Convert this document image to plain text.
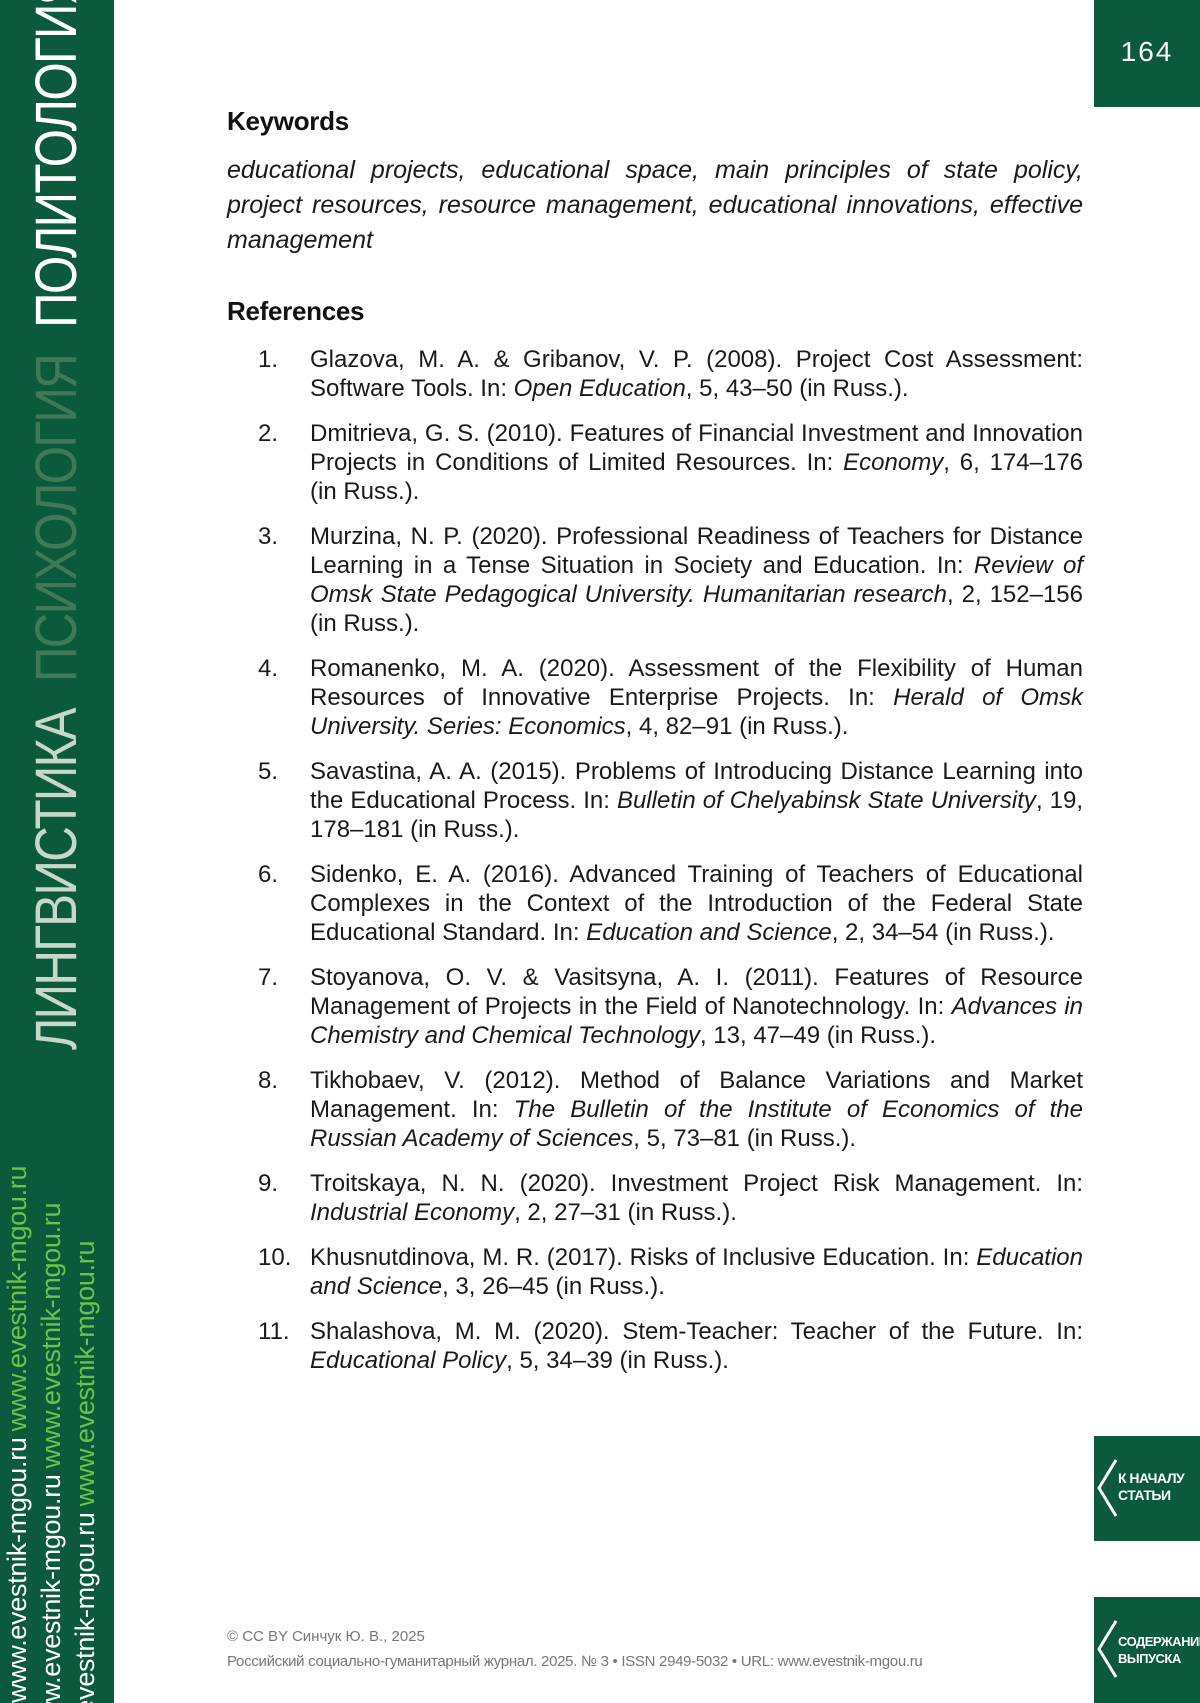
ЛИНГВИСТИКАПСИХОЛОГИЯПОЛИТОЛОГИЯ
www.evestnik-mgou.ruwww.evestnik-mgou.ru
www.evestnik-mgou.ruwww.evestnik-mgou.ru
www.evestnik-mgou.ruwww.evestnik-mgou.ru
164
Keywords

educational projects, educational space, main principles of state policy, project resources, resource management, educational innovations, effective management

References
1. Glazova, M. A. & Gribanov, V. P. (2008). Project Cost Assessment: Software Tools. In: Open Education, 5, 43–50 (in Russ.).
2. Dmitrieva, G. S. (2010). Features of Financial Investment and Innovation Projects in Conditions of Limited Resources. In: Economy, 6, 174–176 (in Russ.).
3. Murzina, N. P. (2020). Professional Readiness of Teachers for Distance Learning in a Tense Situation in Society and Education. In: Review of Omsk State Pedagogical University. Humanitarian research, 2, 152–156 (in Russ.).
4. Romanenko, M. A. (2020). Assessment of the Flexibility of Human Resources of Innovative Enterprise Projects. In: Herald of Omsk University. Series: Economics, 4, 82–91 (in Russ.).
5. Savastina, A. A. (2015). Problems of Introducing Distance Learning into the Educational Process. In: Bulletin of Chelyabinsk State University, 19, 178–181 (in Russ.).
6. Sidenko, E. A. (2016). Advanced Training of Teachers of Educational Complexes in the Context of the Introduction of the Federal State Educational Standard. In: Education and Science, 2, 34–54 (in Russ.).
7. Stoyanova, O. V. & Vasitsyna, A. I. (2011). Features of Resource Management of Projects in the Field of Nanotechnology. In: Advances in Chemistry and Chemical Technology, 13, 47–49 (in Russ.).
8. Tikhobaev, V. (2012). Method of Balance Variations and Market Management. In: The Bulletin of the Institute of Economics of the Russian Academy of Sciences, 5, 73–81 (in Russ.).
9. Troitskaya, N. N. (2020). Investment Project Risk Management. In: Industrial Economy, 2, 27–31 (in Russ.).
10. Khusnutdinova, M. R. (2017). Risks of Inclusive Education. In: Education and Science, 3, 26–45 (in Russ.).
11. Shalashova, M. M. (2020). Stem-Teacher: Teacher of the Future. In: Educational Policy, 5, 34–39 (in Russ.).
© CC BY Синчук Ю. В., 2025
Российский социально-гуманитарный журнал. 2025. № 3 • ISSN 2949-5032 • URL: www.evestnik-mgou.ru
К НАЧАЛУ
СТАТЬИ
СОДЕРЖАНИЕ
ВЫПУСКА
